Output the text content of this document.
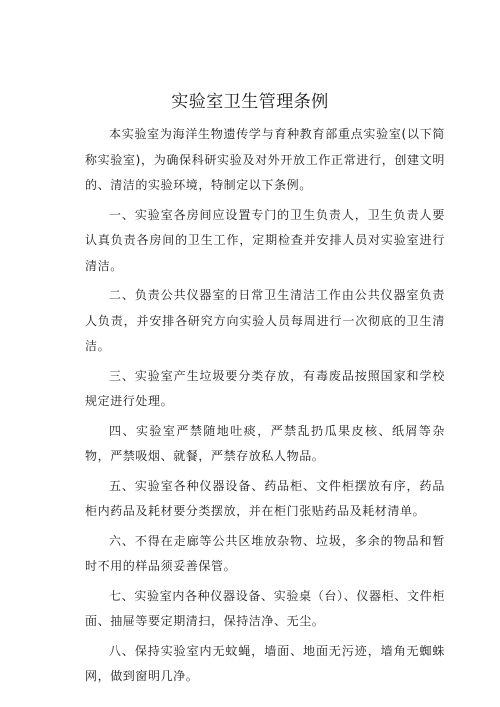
实验室卫生管理条例

本实验室为海洋生物遗传学与育种教育部重点实验室(以下简称实验室)，为确保科研实验及对外开放工作正常进行，创建文明的、清洁的实验环境，特制定以下条例。

一、实验室各房间应设置专门的卫生负责人，卫生负责人要认真负责各房间的卫生工作，定期检查并安排人员对实验室进行清洁。

二、负责公共仪器室的日常卫生清洁工作由公共仪器室负责人负责，并安排各研究方向实验人员每周进行一次彻底的卫生清洁。

三、实验室产生垃圾要分类存放，有毒废品按照国家和学校规定进行处理。

四、实验室严禁随地吐痰，严禁乱扔瓜果皮核、纸屑等杂物，严禁吸烟、就餐，严禁存放私人物品。

五、实验室各种仪器设备、药品柜、文件柜摆放有序，药品柜内药品及耗材要分类摆放，并在柜门张贴药品及耗材清单。

六、不得在走廊等公共区堆放杂物、垃圾，多余的物品和暂时不用的样品须妥善保管。

七、实验室内各种仪器设备、实验桌（台）、仪器柜、文件柜面、抽屉等要定期清扫，保持洁净、无尘。

八、保持实验室内无蚊蝇，墙面、地面无污迹，墙角无蜘蛛网，做到窗明几净。
